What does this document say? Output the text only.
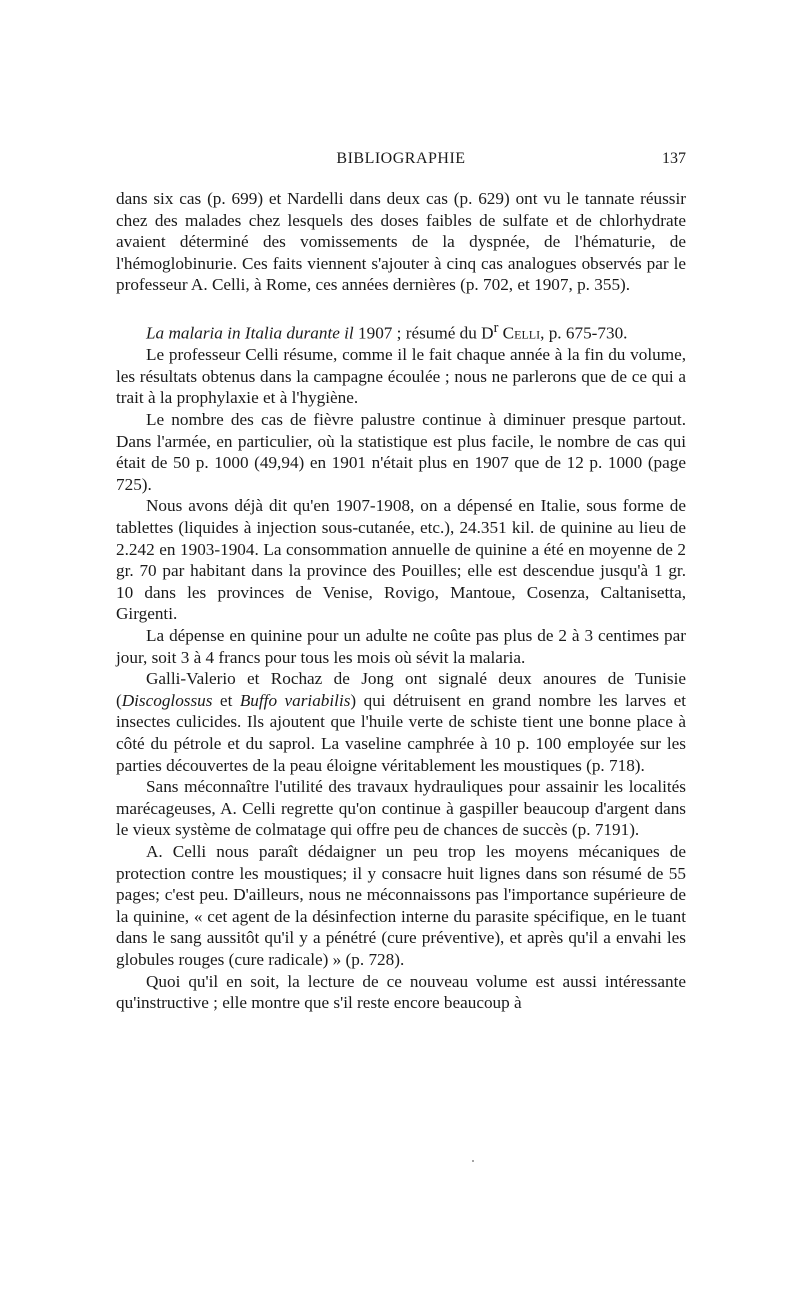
BIBLIOGRAPHIE	137

dans six cas (p. 699) et Nardelli dans deux cas (p. 629) ont vu le tannate réussir chez des malades chez lesquels des doses faibles de sulfate et de chlorhydrate avaient déterminé des vomissements de la dyspnée, de l'hématurie, de l'hémoglobinurie. Ces faits viennent s'ajouter à cinq cas analogues observés par le professeur A. Celli, à Rome, ces années dernières (p. 702, et 1907, p. 355).

La malaria in Italia durante il 1907 ; résumé du $D^r$ Celli, p. 675-730.

Le professeur Celli résume, comme il le fait chaque année à la fin du volume, les résultats obtenus dans la campagne écoulée ; nous ne parlerons que de ce qui a trait à la prophylaxie et à l'hygiène.

Le nombre des cas de fièvre palustre continue à diminuer presque partout. Dans l'armée, en particulier, où la statistique est plus facile, le nombre de cas qui était de 50 p. 1000 (49,94) en 1901 n'était plus en 1907 que de 12 p. 1000 (page 725).

Nous avons déjà dit qu'en 1907-1908, on a dépensé en Italie, sous forme de tablettes (liquides à injection sous-cutanée, etc.), 24.351 kil. de quinine au lieu de 2.242 en 1903-1904. La consommation annuelle de quinine a été en moyenne de 2 gr. 70 par habitant dans la province des Pouilles; elle est descendue jusqu'à 1 gr. 10 dans les provinces de Venise, Rovigo, Mantoue, Cosenza, Caltanisetta, Girgenti.

La dépense en quinine pour un adulte ne coûte pas plus de 2 à 3 centimes par jour, soit 3 à 4 francs pour tous les mois où sévit la malaria.

Galli-Valerio et Rochaz de Jong ont signalé deux anoures de Tunisie (Discoglossus et Buffo variabilis) qui détruisent en grand nombre les larves et insectes culicides. Ils ajoutent que l'huile verte de schiste tient une bonne place à côté du pétrole et du saprol. La vaseline camphrée à 10 p. 100 employée sur les parties découvertes de la peau éloigne véritablement les moustiques (p. 718).

Sans méconnaître l'utilité des travaux hydrauliques pour assainir les localités marécageuses, A. Celli regrette qu'on continue à gaspiller beaucoup d'argent dans le vieux système de colmatage qui offre peu de chances de succès (p. 7191).

A. Celli nous paraît dédaigner un peu trop les moyens mécaniques de protection contre les moustiques; il y consacre huit lignes dans son résumé de 55 pages; c'est peu. D'ailleurs, nous ne méconnaissons pas l'importance supérieure de la quinine, « cet agent de la désinfection interne du parasite spécifique, en le tuant dans le sang aussitôt qu'il y a pénétré (cure préventive), et après qu'il a envahi les globules rouges (cure radicale) » (p. 728).

Quoi qu'il en soit, la lecture de ce nouveau volume est aussi intéressante qu'instructive ; elle montre que s'il reste encore beaucoup à
